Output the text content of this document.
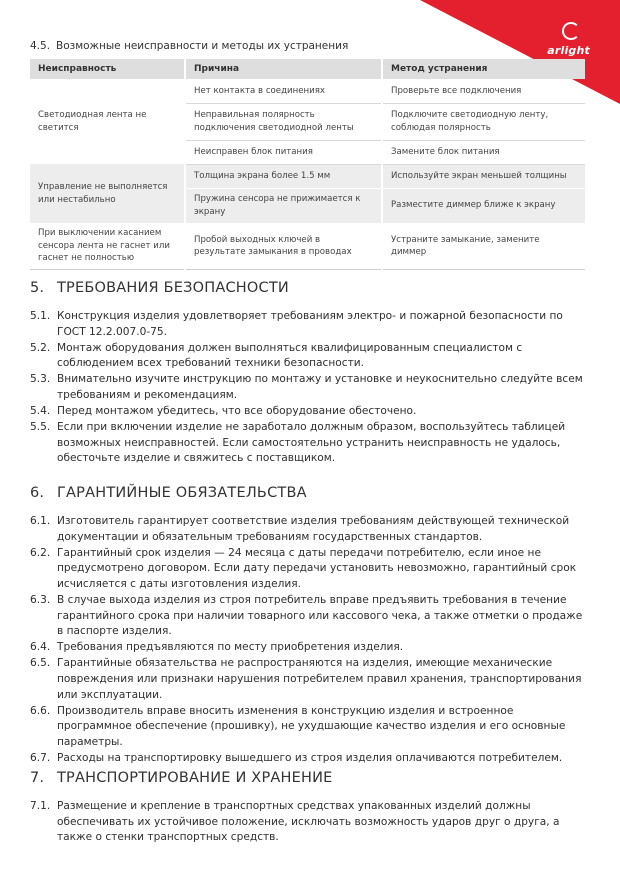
arlight
4.5. Возможные неисправности и методы их устранения
Неисправность	Причина	Метод устранения
Светодиодная лента не светится	Нет контакта в соединениях	Проверьте все подключения
	Неправильная полярность подключения светодиодной ленты	Подключите светодиодную ленту, соблюдая полярность
	Неисправен блок питания	Замените блок питания
Управление не выполняется или нестабильно	Толщина экрана более 1.5 мм	Используйте экран меньшей толщины
	Пружина сенсора не прижимается к экрану	Разместите диммер ближе к экрану
При выключении касанием сенсора лента не гаснет или гаснет не полностью	Пробой выходных ключей в результате замыкания в проводах	Устраните замыкание, замените диммер
5. ТРЕБОВАНИЯ БЕЗОПАСНОСТИ
5.1. Конструкция изделия удовлетворяет требованиям электро- и пожарной безопасности по ГОСТ 12.2.007.0-75.
5.2. Монтаж оборудования должен выполняться квалифицированным специалистом с соблюдением всех требований техники безопасности.
5.3. Внимательно изучите инструкцию по монтажу и установке и неукоснительно следуйте всем требованиям и рекомендациям.
5.4. Перед монтажом убедитесь, что все оборудование обесточено.
5.5. Если при включении изделие не заработало должным образом, воспользуйтесь таблицей возможных неисправностей. Если самостоятельно устранить неисправность не удалось, обесточьте изделие и свяжитесь с поставщиком.
6. ГАРАНТИЙНЫЕ ОБЯЗАТЕЛЬСТВА
6.1. Изготовитель гарантирует соответствие изделия требованиям действующей технической документации и обязательным требованиям государственных стандартов.
6.2. Гарантийный срок изделия — 24 месяца с даты передачи потребителю, если иное не предусмотрено договором. Если дату передачи установить невозможно, гарантийный срок исчисляется с даты изготовления изделия.
6.3. В случае выхода изделия из строя потребитель вправе предъявить требования в течение гарантийного срока при наличии товарного или кассового чека, а также отметки о продаже в паспорте изделия.
6.4. Требования предъявляются по месту приобретения изделия.
6.5. Гарантийные обязательства не распространяются на изделия, имеющие механические повреждения или признаки нарушения потребителем правил хранения, транспортирования или эксплуатации.
6.6. Производитель вправе вносить изменения в конструкцию изделия и встроенное программное обеспечение (прошивку), не ухудшающие качество изделия и его основные параметры.
6.7. Расходы на транспортировку вышедшего из строя изделия оплачиваются потребителем.
7. ТРАНСПОРТИРОВАНИЕ И ХРАНЕНИЕ
7.1. Размещение и крепление в транспортных средствах упакованных изделий должны обеспечивать их устойчивое положение, исключать возможность ударов друг о друга, а также о стенки транспортных средств.
